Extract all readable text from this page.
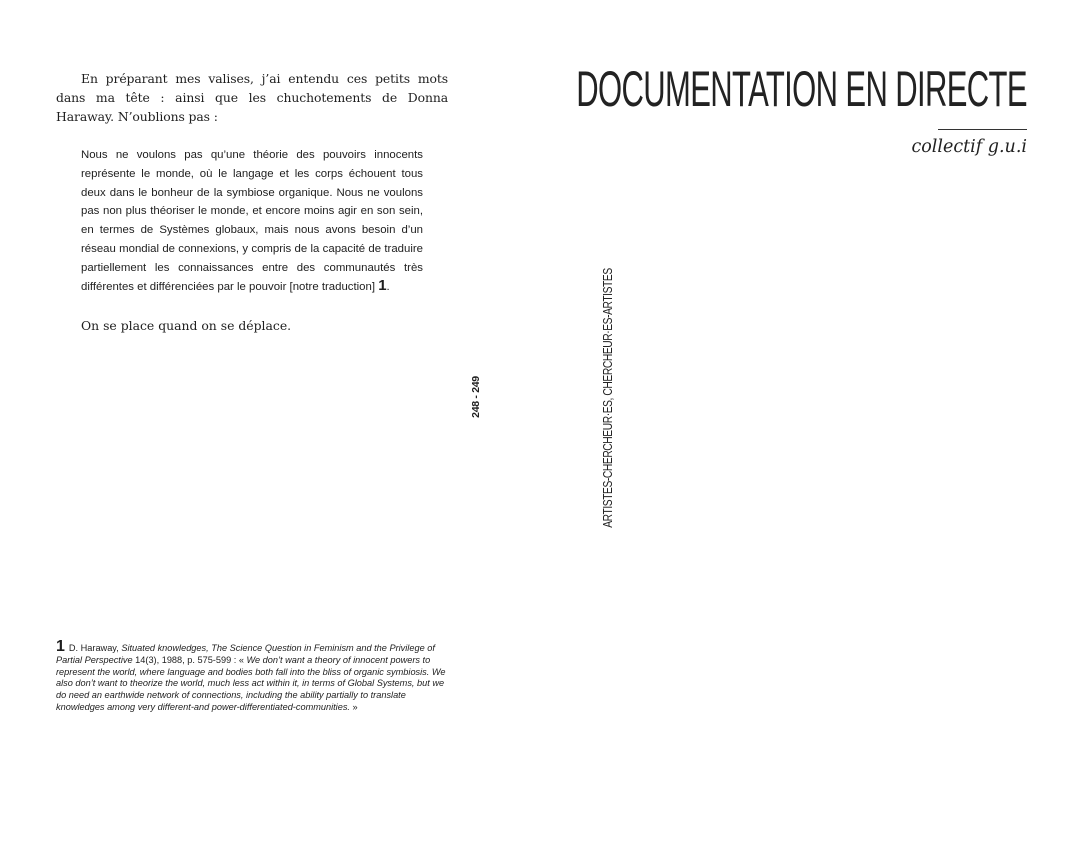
En préparant mes valises, j’ai entendu ces petits mots dans ma tête : ainsi que les chuchotements de Donna Haraway. N’oublions pas :

Nous ne voulons pas qu’une théorie des pouvoirs innocents représente le monde, où le langage et les corps échouent tous deux dans le bonheur de la symbiose organique. Nous ne voulons pas non plus théoriser le monde, et encore moins agir en son sein, en termes de Systèmes globaux, mais nous avons besoin d’un réseau mondial de connexions, y compris de la capacité de traduire partiellement les connaissances entre des communautés très différentes et différenciées par le pouvoir [notre traduction] 1.

On se place quand on se déplace.

248 - 249

1 D. Haraway, Situated knowledges, The Science Question in Feminism and the Privilege of Partial Perspective 14(3), 1988, p. 575-599 : « We don’t want a theory of innocent powers to represent the world, where language and bodies both fall into the bliss of organic symbiosis. We also don’t want to theorize the world, much less act within it, in terms of Global Systems, but we do need an earthwide network of connections, including the ability partially to translate knowledges among very different-and power-differentiated-communities. »

DOCUMENTATION EN DIRECTE

collectif g.u.i

ARTISTES-CHERCHEUR·ES, CHERCHEUR·ES-ARTISTES
